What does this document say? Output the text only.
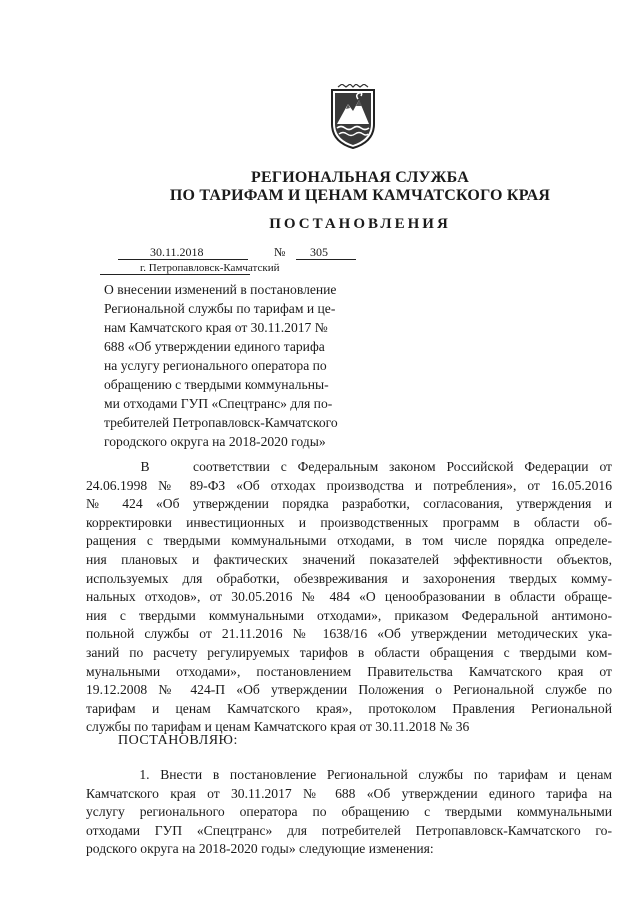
РЕГИОНАЛЬНАЯ СЛУЖБА
ПО ТАРИФАМ И ЦЕНАМ КАМЧАТСКОГО КРАЯ
ПОСТАНОВЛЕНИЯ
30.11.2018	№ 305
г. Петропавловск-Камчатский
О внесении изменений в постановление
Региональной службы по тарифам и це-
нам Камчатского края от 30.11.2017 №
688 «Об утверждении единого тарифа
на услугу регионального оператора по
обращению с твердыми коммунальны-
ми отходами ГУП «Спецтранс» для по-
требителей Петропавловск-Камчатского
городского округа на 2018-2020 годы»
В    соответствии с Федеральным законом Российской Федерации от
24.06.1998 № 89-ФЗ «Об отходах производства и потребления», от 16.05.2016
№ 424 «Об утверждении порядка разработки, согласования, утверждения и
корректировки инвестиционных и производственных программ в области об-
ращения с твердыми коммунальными отходами, в том числе порядка определе-
ния плановых и фактических значений показателей эффективности объектов,
используемых для обработки, обезвреживания и захоронения твердых комму-
нальных отходов», от 30.05.2016 № 484 «О ценообразовании в области обраще-
ния с твердыми коммунальными отходами», приказом Федеральной антимоно-
польной службы от 21.11.2016 № 1638/16 «Об утверждении методических ука-
заний по расчету регулируемых тарифов в области обращения с твердыми ком-
мунальными отходами», постановлением Правительства Камчатского края от
19.12.2008 № 424-П «Об утверждении Положения о Региональной службе по
тарифам и ценам Камчатского края», протоколом Правления Региональной
службы по тарифам и ценам Камчатского края от 30.11.2018 № 36
ПОСТАНОВЛЯЮ:
1. Внести в постановление Региональной службы по тарифам и ценам
Камчатского края от 30.11.2017 № 688 «Об утверждении единого тарифа на
услугу регионального оператора по обращению с твердыми коммунальными
отходами ГУП «Спецтранс» для потребителей Петропавловск-Камчатского го-
родского округа на 2018-2020 годы» следующие изменения:
